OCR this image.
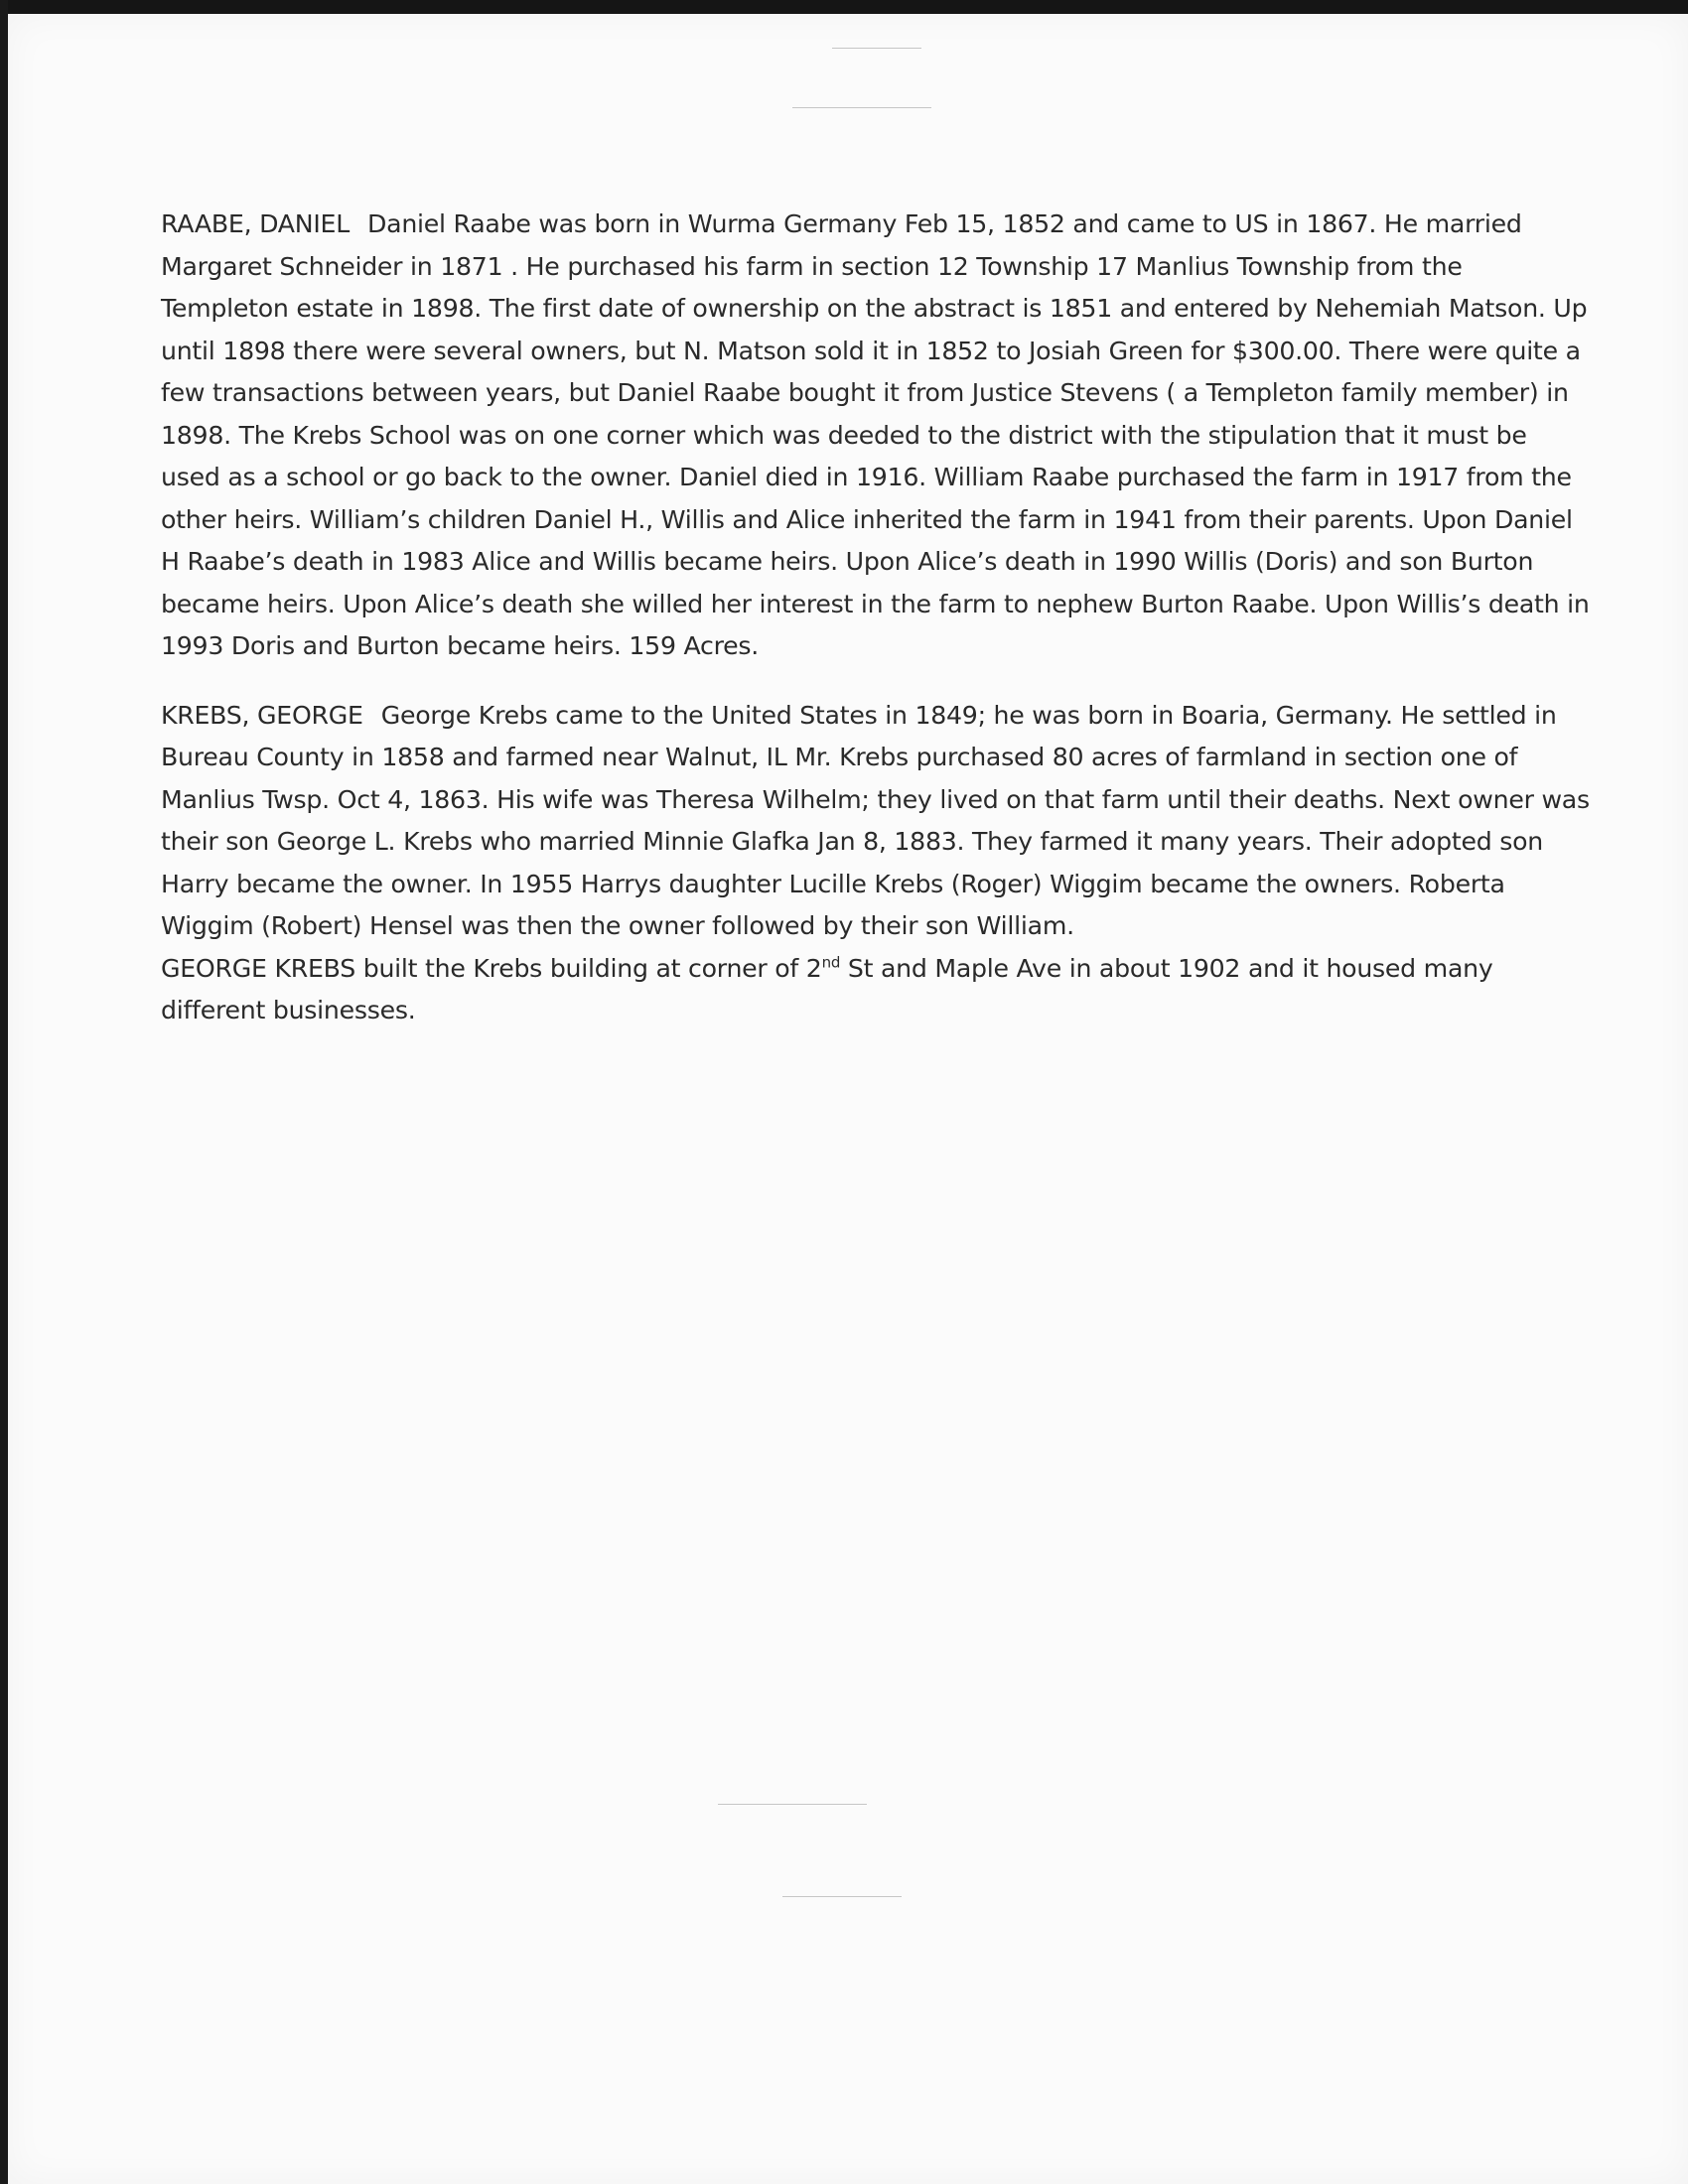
RAABE, DANIEL Daniel Raabe was born in Wurma Germany Feb 15, 1852 and came to US in 1867. He married Margaret Schneider in 1871 . He purchased his farm in section 12 Township 17 Manlius Township from the Templeton estate in 1898. The first date of ownership on the abstract is 1851 and entered by Nehemiah Matson. Up until 1898 there were several owners, but N. Matson sold it in 1852 to Josiah Green for $300.00. There were quite a few transactions between years, but Daniel Raabe bought it from Justice Stevens ( a Templeton family member) in 1898. The Krebs School was on one corner which was deeded to the district with the stipulation that it must be used as a school or go back to the owner. Daniel died in 1916. William Raabe purchased the farm in 1917 from the other heirs. William’s children Daniel H., Willis and Alice inherited the farm in 1941 from their parents. Upon Daniel H Raabe’s death in 1983 Alice and Willis became heirs. Upon Alice’s death in 1990 Willis (Doris) and son Burton became heirs. Upon Alice’s death she willed her interest in the farm to nephew Burton Raabe. Upon Willis’s death in 1993 Doris and Burton became heirs. 159 Acres.

KREBS, GEORGE George Krebs came to the United States in 1849; he was born in Boaria, Germany. He settled in Bureau County in 1858 and farmed near Walnut, IL Mr. Krebs purchased 80 acres of farmland in section one of Manlius Twsp. Oct 4, 1863. His wife was Theresa Wilhelm; they lived on that farm until their deaths. Next owner was their son George L. Krebs who married Minnie Glafka Jan 8, 1883. They farmed it many years. Their adopted son Harry became the owner. In 1955 Harrys daughter Lucille Krebs (Roger) Wiggim became the owners. Roberta Wiggim (Robert) Hensel was then the owner followed by their son William.

GEORGE KREBS built the Krebs building at corner of 2nd St and Maple Ave in about 1902 and it housed many different businesses.
